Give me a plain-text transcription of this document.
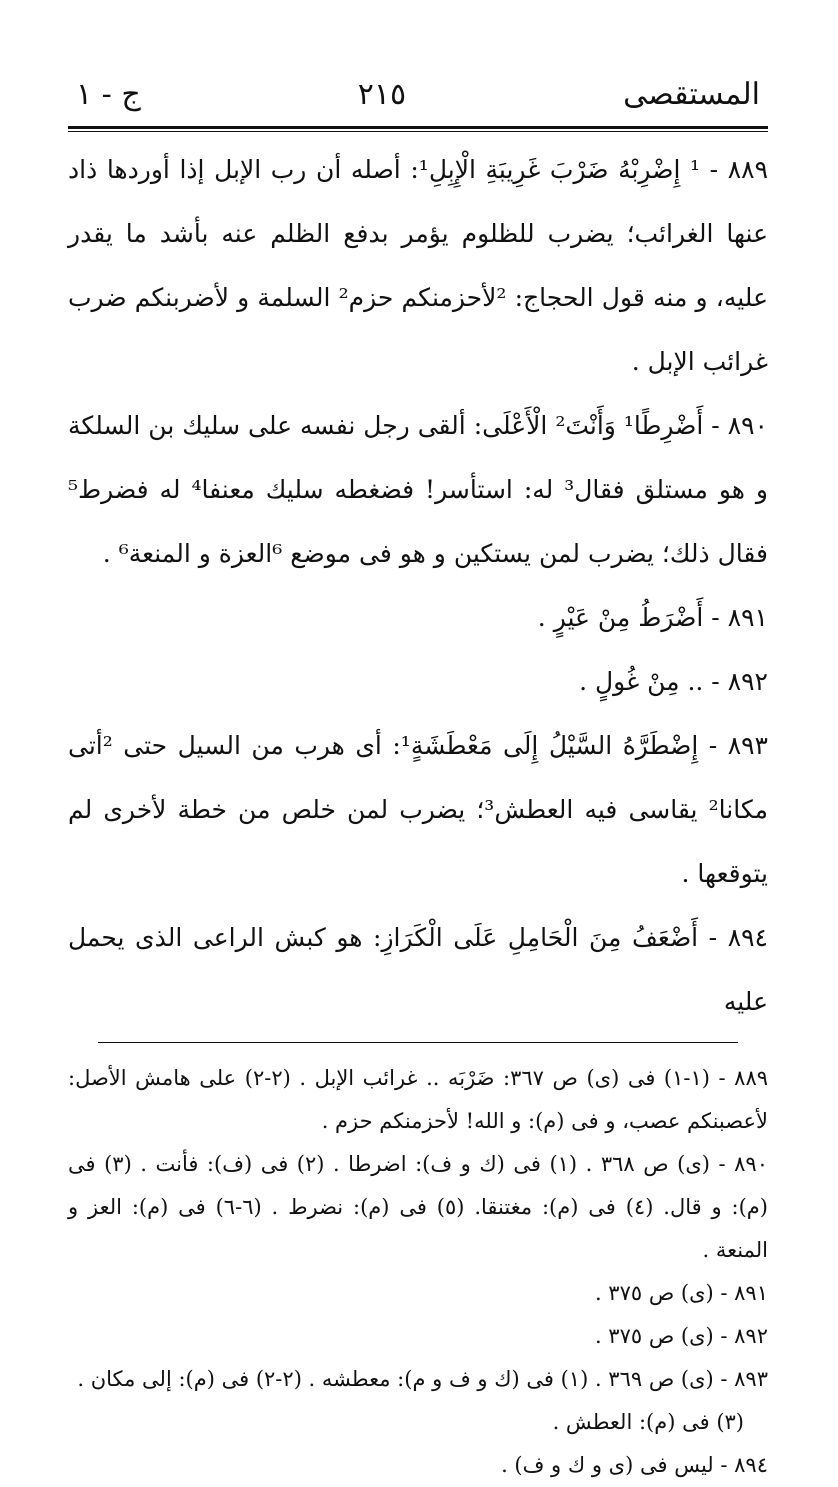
المستقصى
٢١٥
ج - ١

٨٨٩ - ¹ إِضْرِبْهُ ضَرْبَ غَرِيبَةِ الْإِبِلِ¹: أصله أن رب الإبل إذا أوردها ذاد عنها الغرائب؛ يضرب للظلوم يؤمر بدفع الظلم عنه بأشد ما يقدر عليه، و منه قول الحجاج: ²لأحزمنكم حزم² السلمة و لأضربنكم ضرب غرائب الإبل .

٨٩٠ - أَضْرِطًا¹ وَأَنْتَ² الْأَعْلَى: ألقى رجل نفسه على سليك بن السلكة و هو مستلق فقال³ له: استأسر! فضغطه سليك معنفا⁴ له فضرط⁵ فقال ذلك؛ يضرب لمن يستكين و هو فى موضع ⁶العزة و المنعة⁶ .

٨٩١ - أَضْرَطُ مِنْ عَيْرٍ .

٨٩٢ - .. مِنْ غُولٍ .

٨٩٣ - إِضْطَرَّهُ السَّيْلُ إِلَى مَعْطَشَةٍ¹: أى هرب من السيل حتى ²أتى مكانا² يقاسى فيه العطش³؛ يضرب لمن خلص من خطة لأخرى لم يتوقعها .

٨٩٤ - أَضْعَفُ مِنَ الْحَامِلِ عَلَى الْكَرَازِ: هو كبش الراعى الذى يحمل عليه

٨٨٩ - (١-١) فى (ى) ص ٣٦٧: ضَرْبَه .. غرائب الإبل . (٢-٢) على هامش الأصل: لأعصبنكم عصب، و فى (م): و الله! لأحزمنكم حزم .

٨٩٠ - (ى) ص ٣٦٨ . (١) فى (ك و ف): اضرطا . (٢) فى (ف): فأنت . (٣) فى (م): و قال. (٤) فى (م): مغتنقا. (٥) فى (م): نضرط . (٦-٦) فى (م): العز و المنعة .

٨٩١ - (ى) ص ٣٧٥ .

٨٩٢ - (ى) ص ٣٧٥ .

٨٩٣ - (ى) ص ٣٦٩ . (١) فى (ك و ف و م): معطشه . (٢-٢) فى (م): إلى مكان .

(٣) فى (م): العطش .

٨٩٤ - ليس فى (ى و ك و ف) .
